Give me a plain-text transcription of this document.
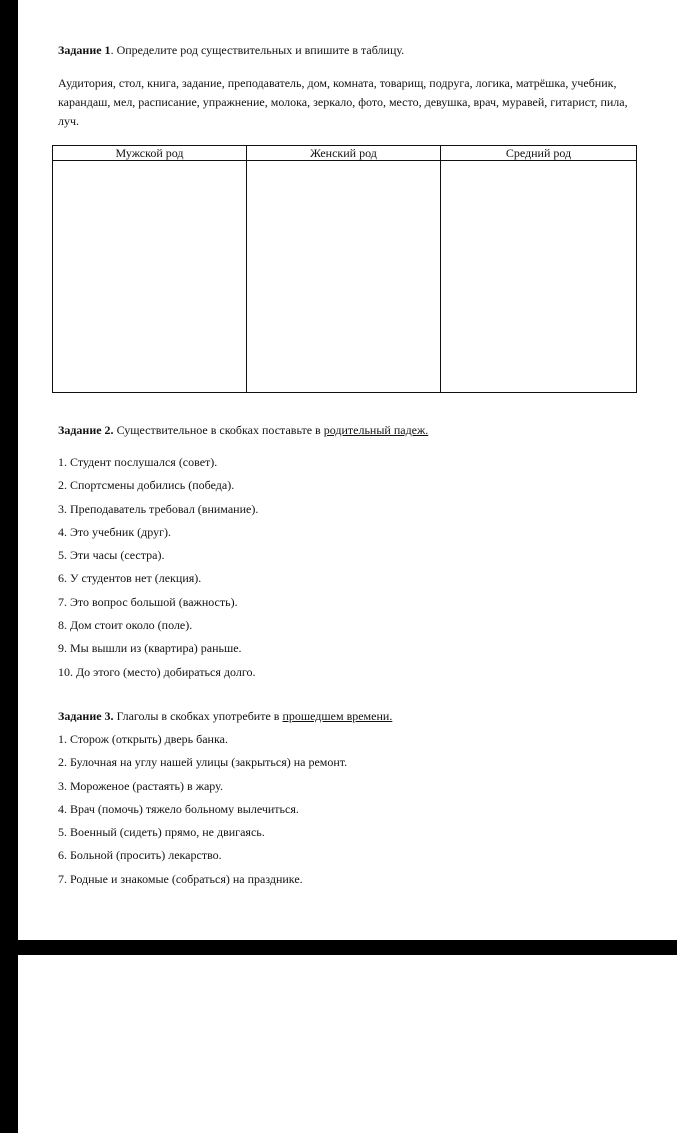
Задание 1. Определите род существительных и впишите в таблицу.
Аудитория, стол, книга, задание, преподаватель, дом, комната, товарищ, подруга, логика, матрёшка, учебник, карандаш, мел, расписание, упражнение, молока, зеркало, фото, место, девушка, врач, муравей, гитарист, пила, луч.
Мужской род	Женский род	Средний род

Задание 2. Существительное в скобках поставьте в родительный падеж.
1. Студент послушался (совет).
2. Спортсмены добились (победа).
3. Преподаватель требовал (внимание).
4. Это учебник (друг).
5. Эти часы (сестра).
6. У студентов нет (лекция).
7. Это вопрос большой (важность).
8. Дом стоит около (поле).
9. Мы вышли из (квартира) раньше.
10. До этого (место) добираться долго.
Задание 3. Глаголы в скобках употребите в прошедшем времени.
1. Сторож (открыть) дверь банка.
2. Булочная на углу нашей улицы (закрыться) на ремонт.
3. Мороженое (растаять) в жару.
4. Врач (помочь) тяжело больному вылечиться.
5. Военный (сидеть) прямо, не двигаясь.
6. Больной (просить) лекарство.
7. Родные и знакомые (собраться) на празднике.
